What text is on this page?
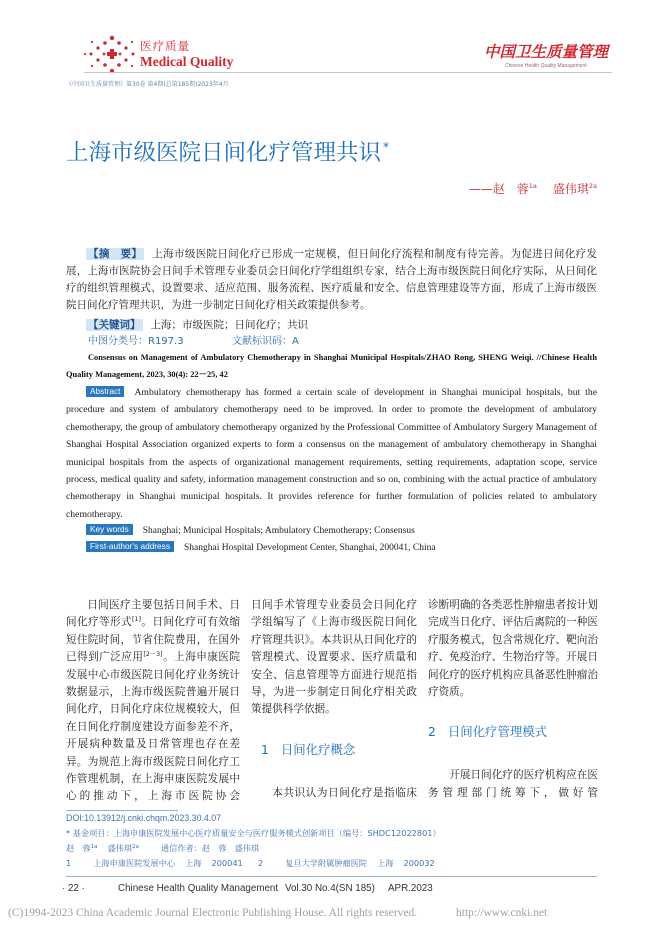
医疗质量
Medical Quality
中国卫生质量管理
Chinese Health Quality Management
《中国卫生质量管理》第30卷 第4期(总第185期)2023年4月
上海市级医院日间化疗管理共识 *
——赵　蓉$^{1a}$ 盛伟琪$^{2a}$
【摘　要】 上海市级医院日间化疗已形成一定规模，但日间化疗流程和制度有待完善。为促进日间化疗发展，上海市医院协会日间手术管理专业委员会日间化疗学组组织专家，结合上海市级医院日间化疗实际，从日间化疗的组织管理模式、设置要求、适应范围、服务流程、医疗质量和安全、信息管理建设等方面，形成了上海市级医院日间化疗管理共识，为进一步制定日间化疗相关政策提供参考。
【关键词】 上海；市级医院；日间化疗；共识
中图分类号：R197.3	文献标识码：A
Consensus on Management of Ambulatory Chemotherapy in Shanghai Municipal Hospitals/ZHAO Rong, SHENG Weiqi. //Chinese Health Quality Management, 2023, 30(4): 22－25, 42
Abstract Ambulatory chemotherapy has formed a certain scale of development in Shanghai municipal hospitals, but the procedure and system of ambulatory chemotherapy need to be improved. In order to promote the development of ambulatory chemotherapy, the group of ambulatory chemotherapy organized by the Professional Committee of Ambulatory Surgery Management of Shanghai Hospital Association organized experts to form a consensus on the management of ambulatory chemotherapy in Shanghai municipal hospitals from the aspects of organizational management requirements, setting requirements, adaptation scope, service process, medical quality and safety, information management construction and so on, combining with the actual practice of ambulatory chemotherapy in Shanghai municipal hospitals. It provides reference for further formulation of policies related to ambulatory chemotherapy.
Key words Shanghai; Municipal Hospitals; Ambulatory Chemotherapy; Consensus
First-author's address Shanghai Hospital Development Center, Shanghai, 200041, China

日间医疗主要包括日间手术、日间化疗等形式[1]。日间化疗可有效缩短住院时间，节省住院费用，在国外已得到广泛应用[2－3]。上海申康医院发展中心市级医院日间化疗业务统计数据显示，上海市级医院普遍开展日间化疗，日间化疗床位规模较大，但在日间化疗制度建设方面参差不齐，开展病种数量及日常管理也存在差异。为规范上海市级医院日间化疗工作管理机制，在上海申康医院发展中心的推动下，上海市医院协会

日间手术管理专业委员会日间化疗学组编写了《上海市级医院日间化疗管理共识》。本共识从日间化疗的管理模式、设置要求、医疗质量和安全、信息管理等方面进行规范指导，为进一步制定日间化疗相关政策提供科学依据。

1 日间化疗概念

本共识认为日间化疗是指临床

诊断明确的各类恶性肿瘤患者按计划完成当日化疗、评估后离院的一种医疗服务模式，包含常规化疗、靶向治疗、免疫治疗、生物治疗等。开展日间化疗的医疗机构应具备恶性肿瘤治疗资质。

2 日间化疗管理模式

开展日间化疗的医疗机构应在医务管理部门统筹下，做好管

DOI:10.13912/j.cnki.chqm.2023.30.4.07
* 基金项目：上海申康医院发展中心医疗质量安全与医疗服务模式创新项目（编号：SHDC12022801）
赵　蓉$^{1a}$ 盛伟琪$^{2a}$	通信作者：赵　蓉　盛伟琪
1	上海申康医院发展中心 上海 200041 2	复旦大学附属肿瘤医院 上海 200032
· 22 ·	Chinese Health Quality Management Vol.30 No.4(SN 185) APR.2023
(C)1994-2023 China Academic Journal Electronic Publishing House. All rights reserved.	http://www.cnki.net
